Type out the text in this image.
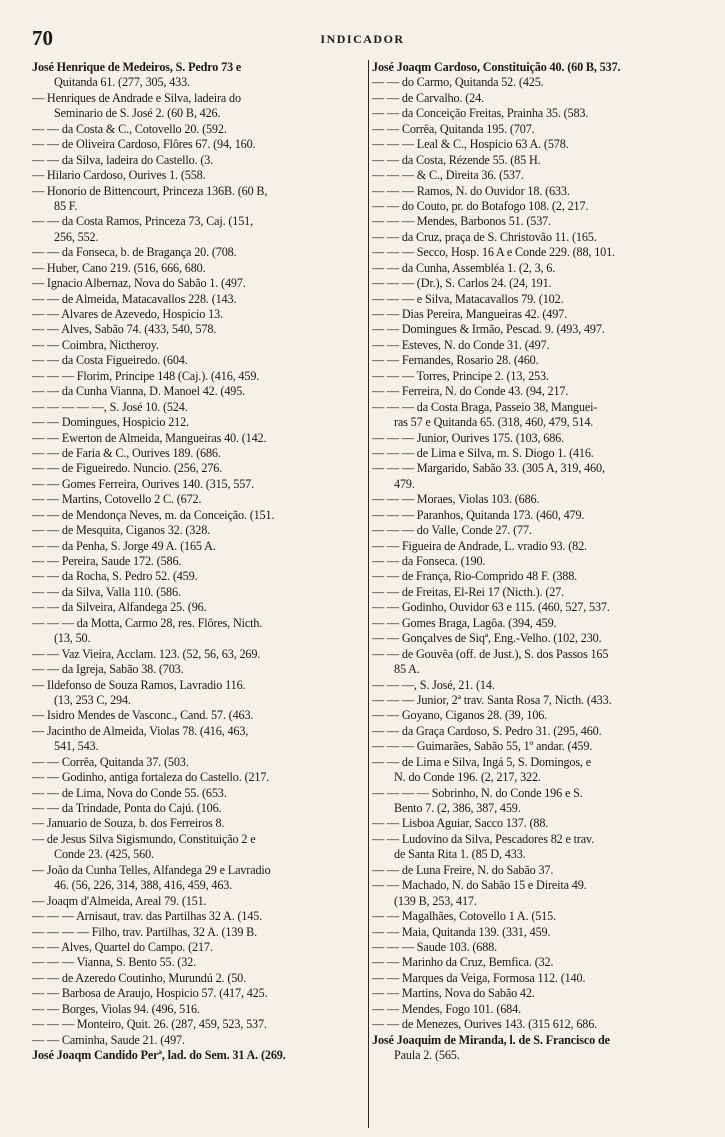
70	INDICADOR
José Henrique de Medeiros, S. Pedro 73 e
Quitanda 61. (277, 305, 433.
— Henriques de Andrade e Silva, ladeira do
Seminario de S. José 2. (60 B, 426.
— — da Costa & C., Cotovello 20. (592.
— — de Oliveira Cardoso, Flôres 67. (94, 160.
— — da Silva, ladeira do Castello. (3.
— Hilario Cardoso, Ourives 1. (558.
— Honorio de Bittencourt, Princeza 136B. (60 B,
85 F.
— — da Costa Ramos, Princeza 73, Caj. (151,
256, 552.
— — da Fonseca, b. de Bragança 20. (708.
— Huber, Cano 219. (516, 666, 680.
— Ignacio Albernaz, Nova do Sabão 1. (497.
— — de Almeida, Matacavallos 228. (143.
— — Alvares de Azevedo, Hospicio 13.
— — Alves, Sabão 74. (433, 540, 578.
— — Coimbra, Nictheroy.
— — da Costa Figueiredo. (604.
— — — Florim, Principe 148 (Caj.). (416, 459.
— — da Cunha Vianna, D. Manoel 42. (495.
— — — — —, S. José 10. (524.
— — Domingues, Hospicio 212.
— — Ewerton de Almeida, Mangueiras 40. (142.
— — de Faria & C., Ourives 189. (686.
— — de Figueiredo. Nuncio. (256, 276.
— — Gomes Ferreira, Ourives 140. (315, 557.
— — Martins, Cotovello 2 C. (672.
— — de Mendonça Neves, m. da Conceição. (151.
— — de Mesquita, Ciganos 32. (328.
— — da Penha, S. Jorge 49 A. (165 A.
— — Pereira, Saude 172. (586.
— — da Rocha, S. Pedro 52. (459.
— — da Silva, Valla 110. (586.
— — da Silveira, Alfandega 25. (96.
— — — da Motta, Carmo 28, res. Flôres, Nicth.
(13, 50.
— — Vaz Vieira, Acclam. 123. (52, 56, 63, 269.
— — da Igreja, Sabão 38. (703.
— Ildefonso de Souza Ramos, Lavradio 116.
(13, 253 C, 294.
— Isidro Mendes de Vasconc., Cand. 57. (463.
— Jacintho de Almeida, Violas 78. (416, 463,
541, 543.
— — Corrêa, Quitanda 37. (503.
— — Godinho, antiga fortaleza do Castello. (217.
— — de Lima, Nova do Conde 55. (653.
— — da Trindade, Ponta do Cajú. (106.
— Januario de Souza, b. dos Ferreiros 8.
— de Jesus Silva Sigismundo, Constituição 2 e
Conde 23. (425, 560.
— João da Cunha Telles, Alfandega 29 e Lavradio
46. (56, 226, 314, 388, 416, 459, 463.
— Joaqm d'Almeida, Areal 79. (151.
— — — Arnisaut, trav. das Partilhas 32 A. (145.
— — — — Filho, trav. Partilhas, 32 A. (139 B.
— — Alves, Quartel do Campo. (217.
— — — Vianna, S. Bento 55. (32.
— — de Azeredo Coutinho, Murundú 2. (50.
— — Barbosa de Araujo, Hospicio 57. (417, 425.
— — Borges, Violas 94. (496, 516.
— — — Monteiro, Quit. 26. (287, 459, 523, 537.
— — Caminha, Saude 21. (497.
José Joaqm Candido Perª, lad. do Sem. 31 A. (269.
José Joaqm Cardoso, Constituição 40. (60 B, 537.
— — do Carmo, Quitanda 52. (425.
— — de Carvalho. (24.
— — da Conceição Freitas, Prainha 35. (583.
— — Corrêa, Quitanda 195. (707.
— — — Leal & C., Hospicio 63 A. (578.
— — da Costa, Rézende 55. (85 H.
— — — & C., Direita 36. (537.
— — — Ramos, N. do Ouvidor 18. (633.
— — do Couto, pr. do Botafogo 108. (2, 217.
— — — Mendes, Barbonos 51. (537.
— — da Cruz, praça de S. Christovão 11. (165.
— — — Secco, Hosp. 16 A e Conde 229. (88, 101.
— — da Cunha, Assembléa 1. (2, 3, 6.
— — — (Dr.), S. Carlos 24. (24, 191.
— — — e Silva, Matacavallos 79. (102.
— — Dias Pereira, Mangueiras 42. (497.
— — Domingues & Irmão, Pescad. 9. (493, 497.
— — Esteves, N. do Conde 31. (497.
— — Fernandes, Rosario 28. (460.
— — — Torres, Principe 2. (13, 253.
— — Ferreira, N. do Conde 43. (94, 217.
— — — da Costa Braga, Passeio 38, Manguei-
ras 57 e Quitanda 65. (318, 460, 479, 514.
— — — Junior, Ourives 175. (103, 686.
— — — de Lima e Silva, m. S. Diogo 1. (416.
— — — Margarido, Sabão 33. (305 A, 319, 460,
479.
— — — Moraes, Violas 103. (686.
— — — Paranhos, Quitanda 173. (460, 479.
— — — do Valle, Conde 27. (77.
— — Figueira de Andrade, L. vradio 93. (82.
— — da Fonseca. (190.
— — de França, Rio-Comprido 48 F. (388.
— — de Freitas, El-Rei 17 (Nicth.). (27.
— — Godinho, Ouvidor 63 e 115. (460, 527, 537.
— — Gomes Braga, Lagôa. (394, 459.
— — Gonçalves de Siqª, Eng.-Velho. (102, 230.
— — de Gouvêa (off. de Just.), S. dos Passos 165
85 A.
— — —, S. José, 21. (14.
— — — Junior, 2ª trav. Santa Rosa 7, Nicth. (433.
— — Goyano, Ciganos 28. (39, 106.
— — da Graça Cardoso, S. Pedro 31. (295, 460.
— — — Guimarães, Sabão 55, 1º andar. (459.
— — de Lima e Silva, Ingá 5, S. Domingos, e
N. do Conde 196. (2, 217, 322.
— — — — Sobrinho, N. do Conde 196 e S.
Bento 7. (2, 386, 387, 459.
— — Lisboa Aguiar, Sacco 137. (88.
— — Ludovino da Silva, Pescadores 82 e trav.
de Santa Rita 1. (85 D, 433.
— — de Luna Freire, N. do Sabão 37.
— — Machado, N. do Sabão 15 e Direita 49.
(139 B, 253, 417.
— — Magalhães, Cotovello 1 A. (515.
— — Maia, Quitanda 139. (331, 459.
— — — Saude 103. (688.
— — Marinho da Cruz, Bemfica. (32.
— — Marques da Veiga, Formosa 112. (140.
— — Martins, Nova do Sabão 42.
— — Mendes, Fogo 101. (684.
— — de Menezes, Ourives 143. (315 612, 686.
José Joaquim de Miranda, l. de S. Francisco de
Paula 2. (565.
